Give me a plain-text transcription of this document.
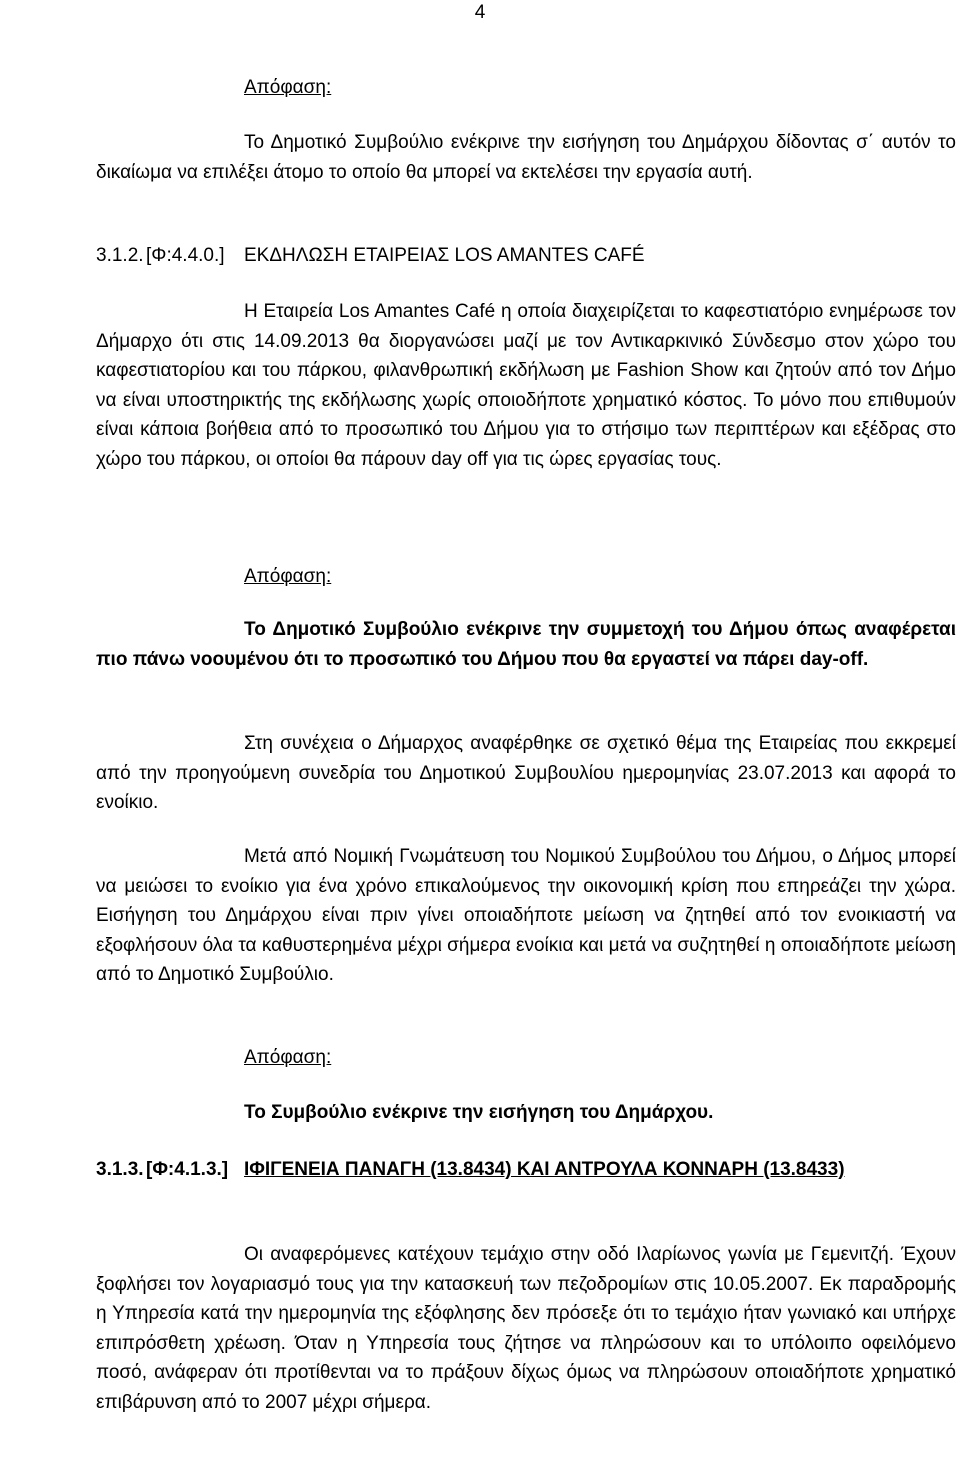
4
Απόφαση:

Το Δημοτικό Συμβούλιο ενέκρινε την εισήγηση του Δημάρχου δίδοντας σ΄ αυτόν το δικαίωμα να επιλέξει άτομο το οποίο θα μπορεί να εκτελέσει την εργασία αυτή.

3.1.2. [Φ:4.4.0.] ΕΚΔΗΛΩΣΗ ΕΤΑΙΡΕΙΑΣ LOS AMANTES CAFÉ

Η Εταιρεία Los Amantes Café η οποία διαχειρίζεται το καφεστιατόριο ενημέρωσε τον Δήμαρχο ότι στις 14.09.2013 θα διοργανώσει μαζί με τον Αντικαρκινικό Σύνδεσμο στον χώρο του καφεστιατορίου και του πάρκου, φιλανθρωπική εκδήλωση με Fashion Show και ζητούν από τον Δήμο να είναι υποστηρικτής της εκδήλωσης χωρίς οποιοδήποτε χρηματικό κόστος. Το μόνο που επιθυμούν είναι κάποια βοήθεια από το προσωπικό του Δήμου για το στήσιμο των περιπτέρων και εξέδρας στο χώρο του πάρκου, οι οποίοι θα πάρουν day off για τις ώρες εργασίας τους.

Απόφαση:

Το Δημοτικό Συμβούλιο ενέκρινε την συμμετοχή του Δήμου όπως αναφέρεται πιο πάνω νοουμένου ότι το προσωπικό του Δήμου που θα εργαστεί να πάρει day-off.

Στη συνέχεια ο Δήμαρχος αναφέρθηκε σε σχετικό θέμα της Εταιρείας που εκκρεμεί από την προηγούμενη συνεδρία του Δημοτικού Συμβουλίου ημερομηνίας 23.07.2013 και αφορά το ενοίκιο.

Μετά από Νομική Γνωμάτευση του Νομικού Συμβούλου του Δήμου, ο Δήμος μπορεί να μειώσει το ενοίκιο για ένα χρόνο επικαλούμενος την οικονομική κρίση που επηρεάζει την χώρα. Εισήγηση του Δημάρχου είναι πριν γίνει οποιαδήποτε μείωση να ζητηθεί από τον ενοικιαστή να εξοφλήσουν όλα τα καθυστερημένα μέχρι σήμερα ενοίκια και μετά να συζητηθεί η οποιαδήποτε μείωση από το Δημοτικό Συμβούλιο.

Απόφαση:

Το Συμβούλιο ενέκρινε την εισήγηση του Δημάρχου.

3.1.3. [Φ:4.1.3.] ΙΦΙΓΕΝΕΙΑ ΠΑΝΑΓΗ (13.8434) ΚΑΙ ΑΝΤΡΟΥΛΑ ΚΟΝΝΑΡΗ (13.8433)

Οι αναφερόμενες κατέχουν τεμάχιο στην οδό Ιλαρίωνος γωνία με Γεμενιτζή. Έχουν ξοφλήσει τον λογαριασμό τους για την κατασκευή των πεζοδρομίων στις 10.05.2007. Εκ παραδρομής η Υπηρεσία κατά την ημερομηνία της εξόφλησης δεν πρόσεξε ότι το τεμάχιο ήταν γωνιακό και υπήρχε επιπρόσθετη χρέωση. Όταν η Υπηρεσία τους ζήτησε να πληρώσουν και το υπόλοιπο οφειλόμενο ποσό, ανάφεραν ότι προτίθενται να το πράξουν δίχως όμως να πληρώσουν οποιαδήποτε χρηματικό επιβάρυνση από το 2007 μέχρι σήμερα.
